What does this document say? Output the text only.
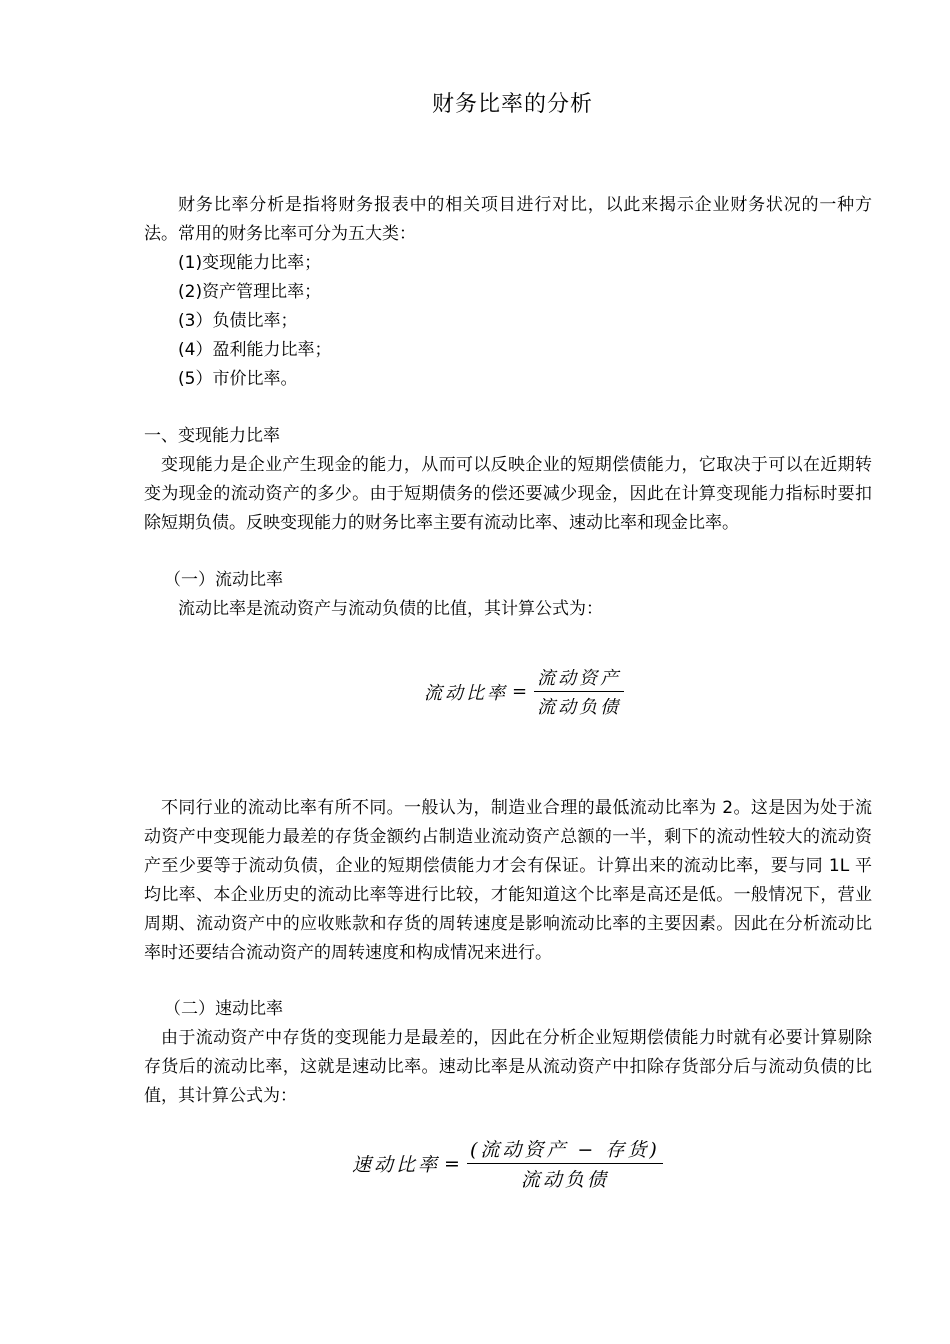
财务比率的分析

财务比率分析是指将财务报表中的相关项目进行对比，以此来揭示企业财务状况的一种方法。常用的财务比率可分为五大类：

(1)变现能力比率；

(2)资产管理比率；

(3）负债比率；

(4）盈利能力比率；

(5）市价比率。

一、变现能力比率

变现能力是企业产生现金的能力，从而可以反映企业的短期偿债能力，它取决于可以在近期转变为现金的流动资产的多少。由于短期债务的偿还要减少现金，因此在计算变现能力指标时要扣除短期负债。反映变现能力的财务比率主要有流动比率、速动比率和现金比率。

（一）流动比率

流动比率是流动资产与流动负债的比值，其计算公式为：

流动比率 = $\frac{\text{流动资产}}{\text{流动负债}}$

不同行业的流动比率有所不同。一般认为，制造业合理的最低流动比率为 2。这是因为处于流动资产中变现能力最差的存货金额约占制造业流动资产总额的一半，剩下的流动性较大的流动资产至少要等于流动负债，企业的短期偿债能力才会有保证。计算出来的流动比率，要与同 1L 平均比率、本企业历史的流动比率等进行比较，才能知道这个比率是高还是低。一般情况下，营业周期、流动资产中的应收账款和存货的周转速度是影响流动比率的主要因素。因此在分析流动比率时还要结合流动资产的周转速度和构成情况来进行。

（二）速动比率

由于流动资产中存货的变现能力是最差的，因此在分析企业短期偿债能力时就有必要计算剔除存货后的流动比率，这就是速动比率。速动比率是从流动资产中扣除存货部分后与流动负债的比值，其计算公式为：

速动比率 = $\frac{\text{(流动资产 − 存货)}}{\text{流动负债}}$
